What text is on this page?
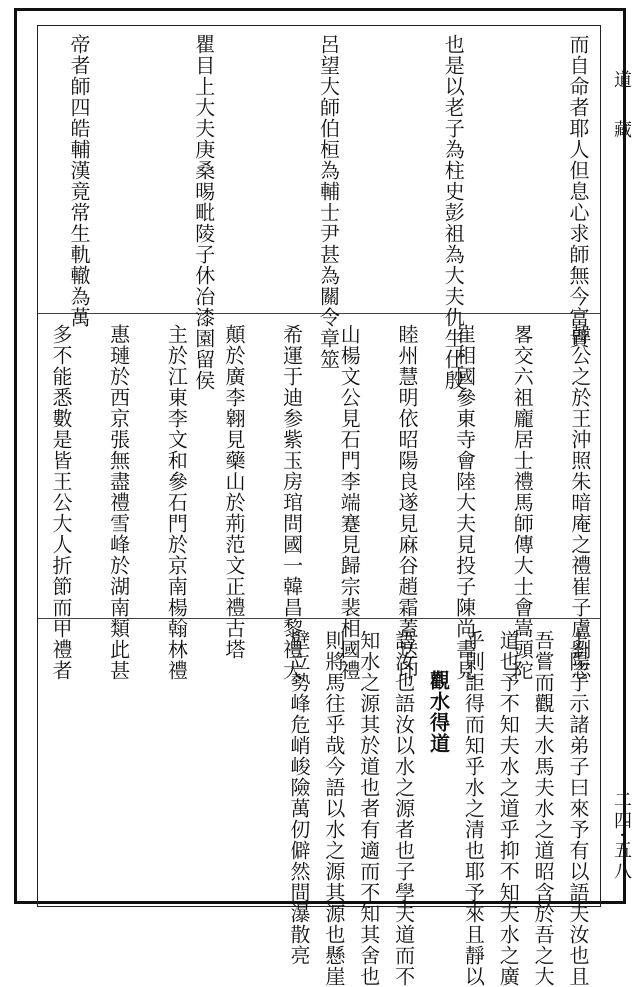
而自命者耶人但息心求師無今富貴
也是以老子為柱史彭祖為大夫仇生仕殷
呂望大師伯桓為輔士尹甚為關令章筮
瞿目上大夫庚桑晹毗陵子休冶漆園留侯
帝者師四皓輔漢竟常生軌轍為萬
韓公之於王沖照朱暗庵之禮崔子盧劉志
畧交六祖龐居士禮馬師傳大士會嵩頭陀
崔相國參東寺會陸大夫見投子陳尚書見
睦州慧明依昭陽良遂見麻谷趙霜蓋送印
山楊文公見石門李端蹇見歸宗裴相國禮
希運于迪参紫玉房琯問國一韓昌黎禮大
顛於廣李翱見藥山於荊范文正禮古塔
主於江東李文和參石門於京南楊翰林禮
惠璉於西京張無盡禮雪峰於湖南類此甚
多不能悉數是皆王公大人折節而甲禮者
上陽子示諸弟子曰來予有以語夫汝也且
吾嘗而觀夫水馬夫水之道昭含於吾之大
道也予不知夫水之道乎抑不知夫水之廣
乎則詎得而知乎水之清也耶予來且靜以
觀水得道
語汝也語汝以水之源者也子學夫道而不
知水之源其於道也者有適而不知其舍也
則將馬往乎哉今語以水之源其源也懸崖
壁立勢峰危峭峻險萬仞僻然間瀑散亮
道
藏
二四·五八
